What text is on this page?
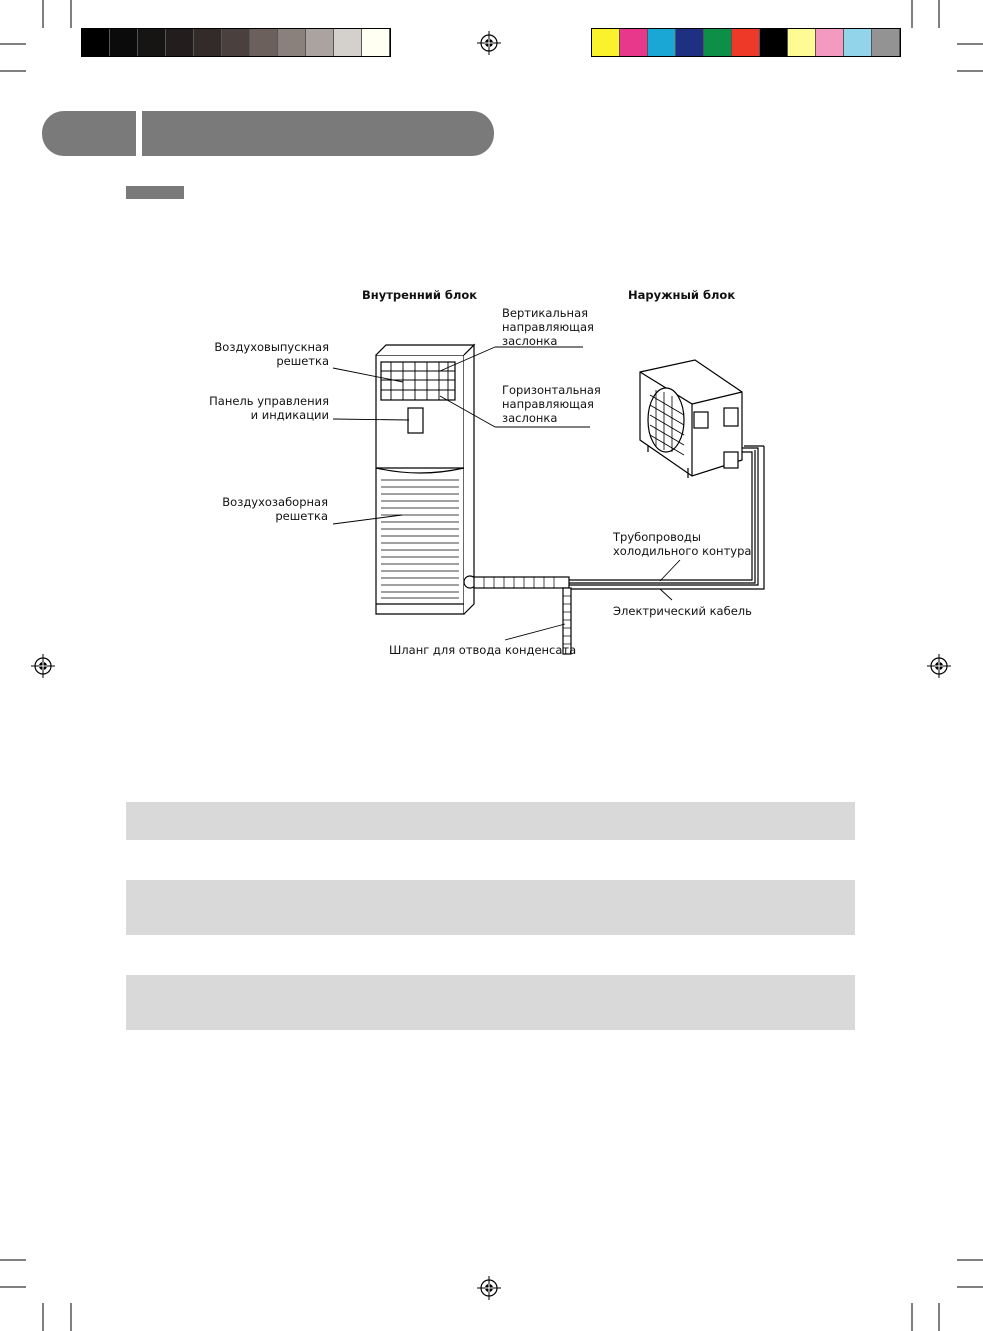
Внутренний блок	Наружный блок
Воздуховыпускная
решетка
Панель управления
и индикации
Воздухозаборная
решетка
Вертикальная
направляющая
заслонка
Горизонтальная
направляющая
заслонка
Трубопроводы
холодильного контура
Электрический кабель
Шланг для отвода конденсата
